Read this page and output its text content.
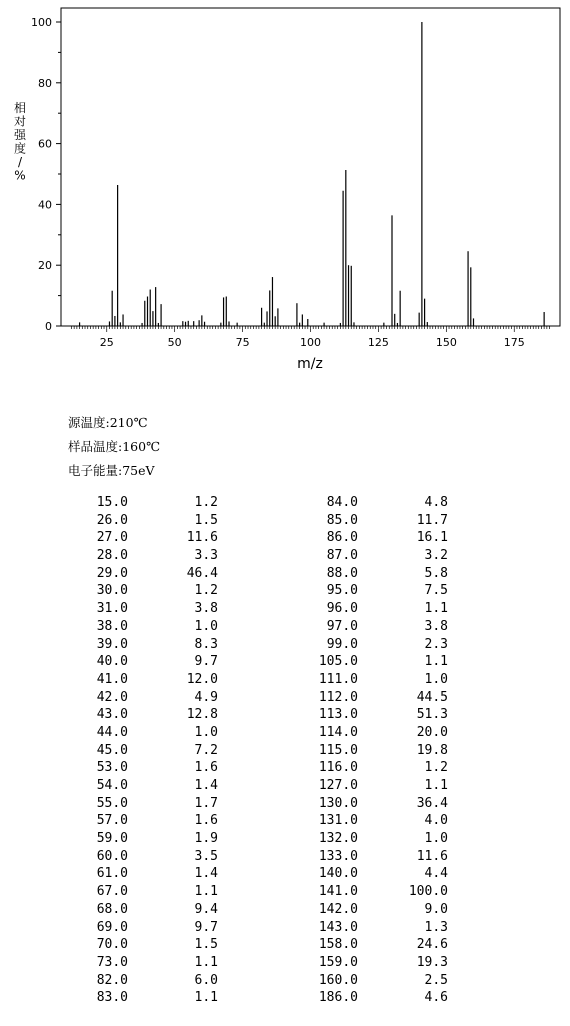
0
20
40
60
80
100
25	50	75	100	125	150	175
m/z
相
对
强
度
/
%
源温度:210℃
样品温度:160℃
电子能量:75eV
15.0	1.2
26.0	1.5
27.0	11.6
28.0	3.3
29.0	46.4
30.0	1.2
31.0	3.8
38.0	1.0
39.0	8.3
40.0	9.7
41.0	12.0
42.0	4.9
43.0	12.8
44.0	1.0
45.0	7.2
53.0	1.6
54.0	1.4
55.0	1.7
57.0	1.6
59.0	1.9
60.0	3.5
61.0	1.4
67.0	1.1
68.0	9.4
69.0	9.7
70.0	1.5
73.0	1.1
82.0	6.0
83.0	1.1
84.0	4.8
85.0	11.7
86.0	16.1
87.0	3.2
88.0	5.8
95.0	7.5
96.0	1.1
97.0	3.8
99.0	2.3
105.0	1.1
111.0	1.0
112.0	44.5
113.0	51.3
114.0	20.0
115.0	19.8
116.0	1.2
127.0	1.1
130.0	36.4
131.0	4.0
132.0	1.0
133.0	11.6
140.0	4.4
141.0	100.0
142.0	9.0
143.0	1.3
158.0	24.6
159.0	19.3
160.0	2.5
186.0	4.6
